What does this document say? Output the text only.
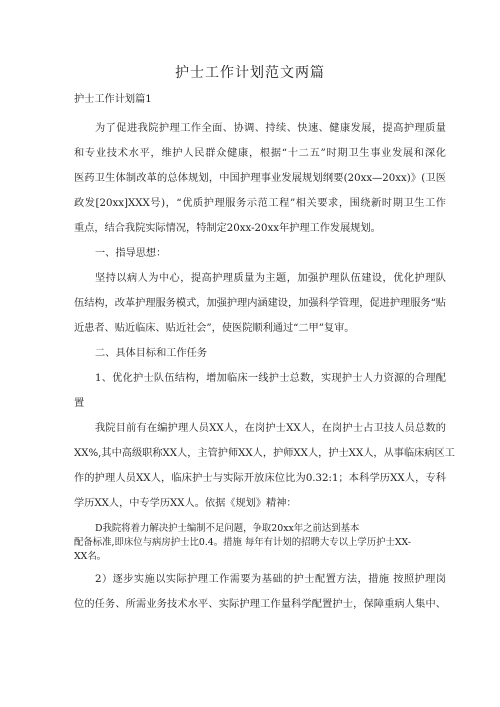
护士工作计划范文两篇
护士工作计划篇1
为了促进我院护理工作全面、协调、持续、快速、健康发展，提高护理质量
和专业技术水平，维护人民群众健康，根据“十二五”时期卫生事业发展和深化
医药卫生体制改革的总体规划，中国护理事业发展规划纲要(20xx—20xx)》(卫医
政发[20xx]XXX号)，“优质护理服务示范工程”相关要求，围绕新时期卫生工作
重点，结合我院实际情况，特制定20xx-20xx年护理工作发展规划。
一、指导思想：
坚持以病人为中心，提高护理质量为主题，加强护理队伍建设，优化护理队
伍结构，改革护理服务模式，加强护理内涵建设，加强科学管理，促进护理服务“贴
近患者、贴近临床、贴近社会”，使医院顺利通过“二甲”复审。
二、具体目标和工作任务
1、优化护士队伍结构，增加临床一线护士总数，实现护士人力资源的合理配
置
我院目前有在编护理人员XX人，在岗护士XX人，在岗护士占卫技人员总数的
XX%,其中高级职称XX人，主管护师XX人，护师XX人，护士XX人，从事临床病区工
作的护理人员XX人，临床护士与实际开放床位比为0.32:1；本科学历XX人，专科
学历XX人，中专学历XX人。依据《规划》精神：
D我院将着力解决护士编制不足问题，争取20xx年之前达到基本
配备标准,即床位与病房护士比0.4。措施 每年有计划的招聘大专以上学历护士XX-
XX名。
2）逐步实施以实际护理工作需要为基础的护士配置方法，措施 按照护理岗
位的任务、所需业务技术水平、实际护理工作量科学配置护士，保障重病人集中、
